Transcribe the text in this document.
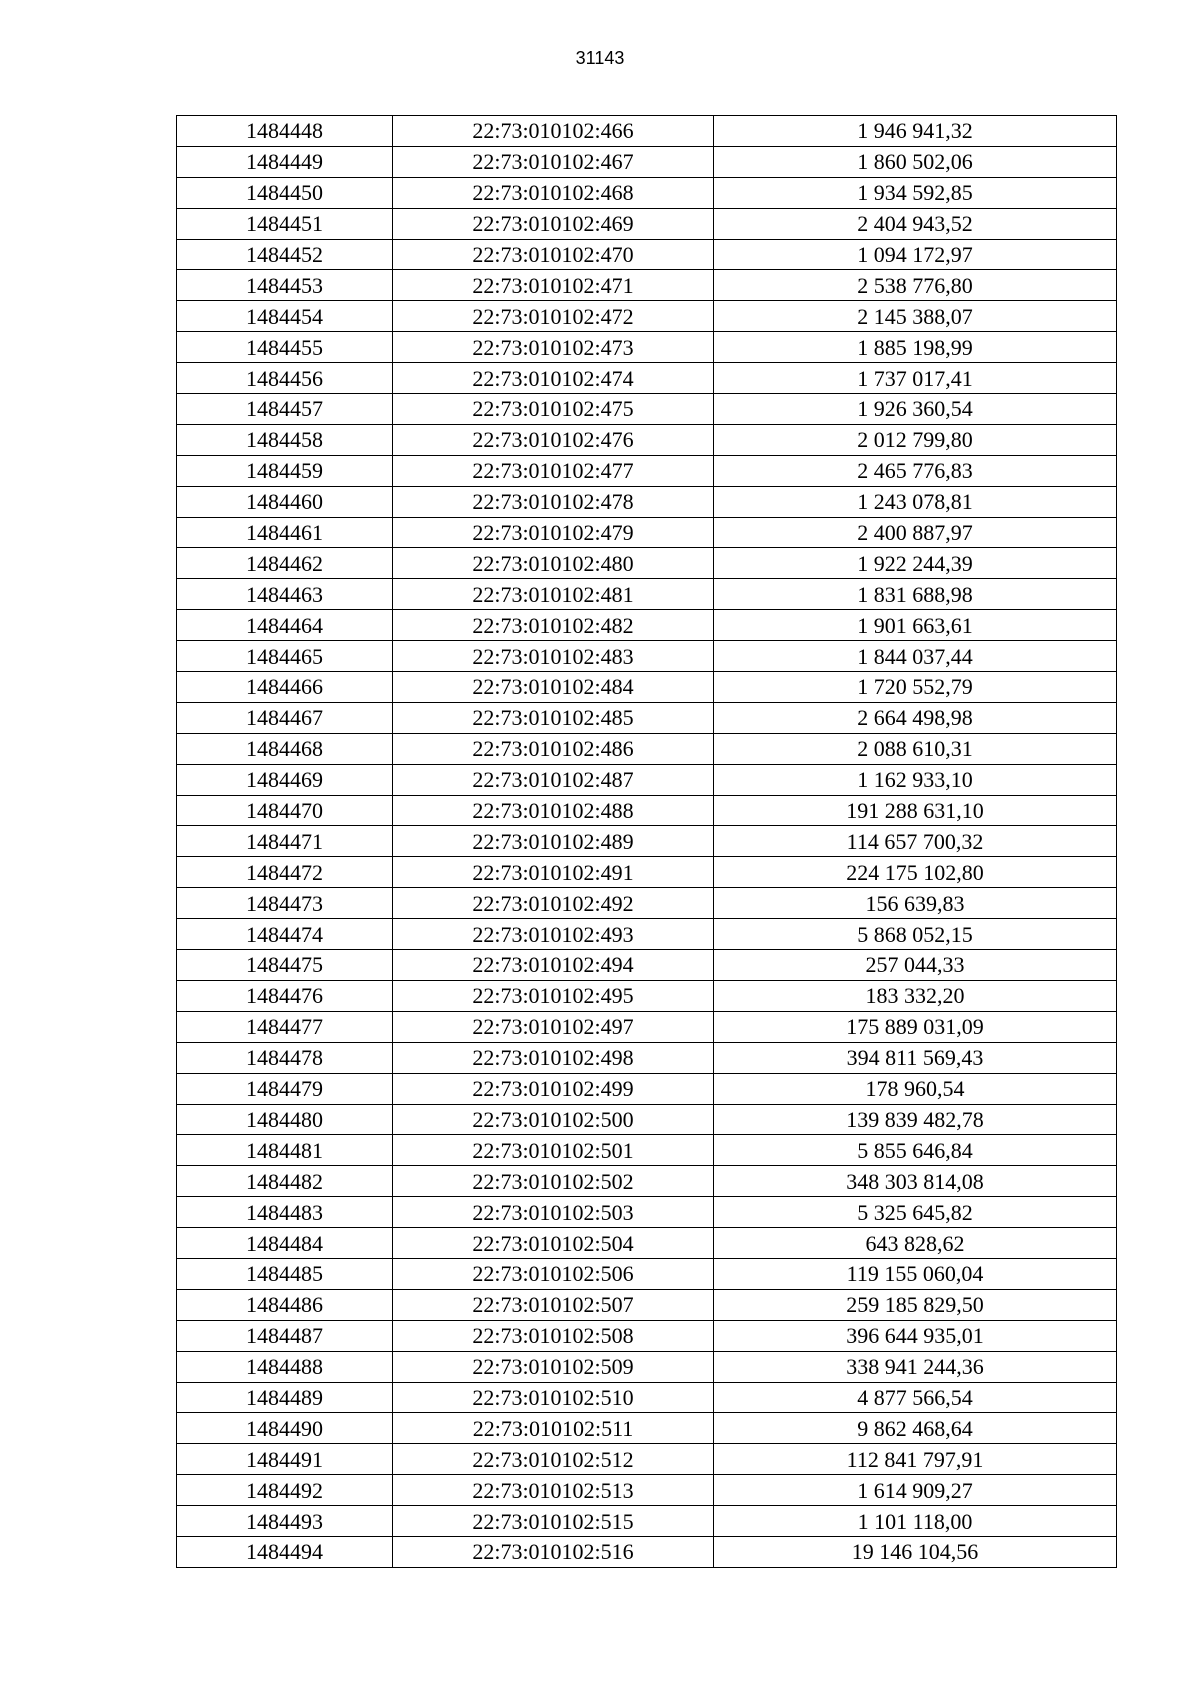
31143
1484448	22:73:010102:466	1 946 941,32
1484449	22:73:010102:467	1 860 502,06
1484450	22:73:010102:468	1 934 592,85
1484451	22:73:010102:469	2 404 943,52
1484452	22:73:010102:470	1 094 172,97
1484453	22:73:010102:471	2 538 776,80
1484454	22:73:010102:472	2 145 388,07
1484455	22:73:010102:473	1 885 198,99
1484456	22:73:010102:474	1 737 017,41
1484457	22:73:010102:475	1 926 360,54
1484458	22:73:010102:476	2 012 799,80
1484459	22:73:010102:477	2 465 776,83
1484460	22:73:010102:478	1 243 078,81
1484461	22:73:010102:479	2 400 887,97
1484462	22:73:010102:480	1 922 244,39
1484463	22:73:010102:481	1 831 688,98
1484464	22:73:010102:482	1 901 663,61
1484465	22:73:010102:483	1 844 037,44
1484466	22:73:010102:484	1 720 552,79
1484467	22:73:010102:485	2 664 498,98
1484468	22:73:010102:486	2 088 610,31
1484469	22:73:010102:487	1 162 933,10
1484470	22:73:010102:488	191 288 631,10
1484471	22:73:010102:489	114 657 700,32
1484472	22:73:010102:491	224 175 102,80
1484473	22:73:010102:492	156 639,83
1484474	22:73:010102:493	5 868 052,15
1484475	22:73:010102:494	257 044,33
1484476	22:73:010102:495	183 332,20
1484477	22:73:010102:497	175 889 031,09
1484478	22:73:010102:498	394 811 569,43
1484479	22:73:010102:499	178 960,54
1484480	22:73:010102:500	139 839 482,78
1484481	22:73:010102:501	5 855 646,84
1484482	22:73:010102:502	348 303 814,08
1484483	22:73:010102:503	5 325 645,82
1484484	22:73:010102:504	643 828,62
1484485	22:73:010102:506	119 155 060,04
1484486	22:73:010102:507	259 185 829,50
1484487	22:73:010102:508	396 644 935,01
1484488	22:73:010102:509	338 941 244,36
1484489	22:73:010102:510	4 877 566,54
1484490	22:73:010102:511	9 862 468,64
1484491	22:73:010102:512	112 841 797,91
1484492	22:73:010102:513	1 614 909,27
1484493	22:73:010102:515	1 101 118,00
1484494	22:73:010102:516	19 146 104,56
